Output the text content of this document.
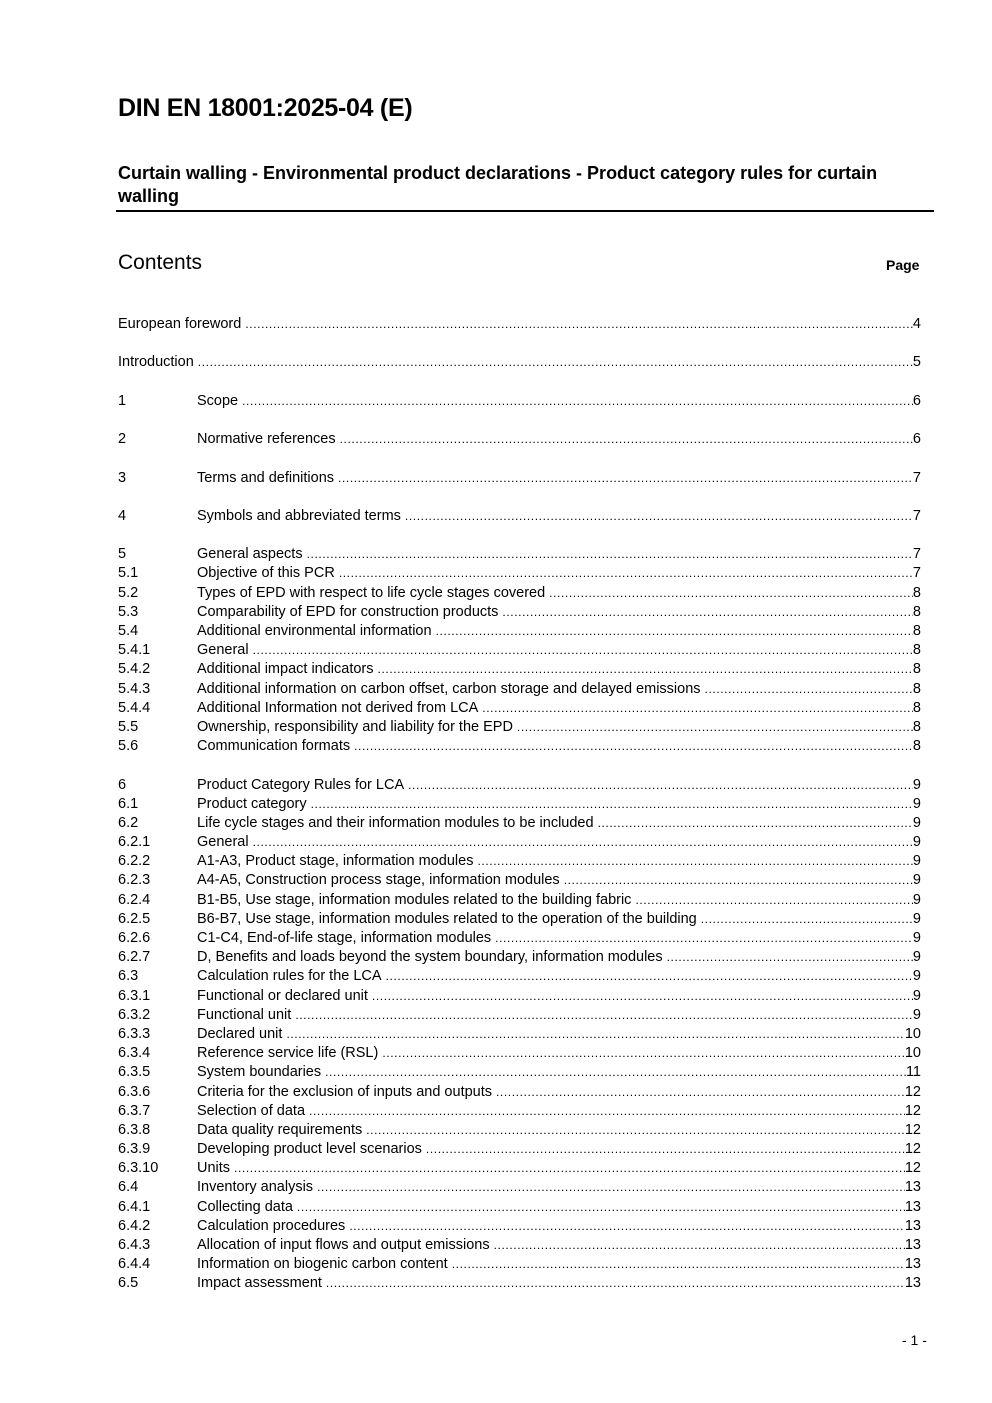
DIN EN 18001:2025-04 (E)
Curtain walling - Environmental product declarations - Product category rules for curtain walling
Contents	Page
European foreword .....	4
Introduction .....	5
1	Scope .....	6
2	Normative references .....	6
3	Terms and definitions .....	7
4	Symbols and abbreviated terms .....	7
5	General aspects .....	7
5.1	Objective of this PCR .....	7
5.2	Types of EPD with respect to life cycle stages covered .....	8
5.3	Comparability of EPD for construction products .....	8
5.4	Additional environmental information .....	8
5.4.1	General .....	8
5.4.2	Additional impact indicators .....	8
5.4.3	Additional information on carbon offset, carbon storage and delayed emissions .....	8
5.4.4	Additional Information not derived from LCA .....	8
5.5	Ownership, responsibility and liability for the EPD .....	8
5.6	Communication formats .....	8
6	Product Category Rules for LCA .....	9
6.1	Product category .....	9
6.2	Life cycle stages and their information modules to be included .....	9
6.2.1	General .....	9
6.2.2	A1-A3, Product stage, information modules .....	9
6.2.3	A4-A5, Construction process stage, information modules .....	9
6.2.4	B1-B5, Use stage, information modules related to the building fabric .....	9
6.2.5	B6-B7, Use stage, information modules related to the operation of the building .....	9
6.2.6	C1-C4, End-of-life stage, information modules .....	9
6.2.7	D, Benefits and loads beyond the system boundary, information modules .....	9
6.3	Calculation rules for the LCA .....	9
6.3.1	Functional or declared unit .....	9
6.3.2	Functional unit .....	9
6.3.3	Declared unit .....	10
6.3.4	Reference service life (RSL) .....	10
6.3.5	System boundaries .....	11
6.3.6	Criteria for the exclusion of inputs and outputs .....	12
6.3.7	Selection of data .....	12
6.3.8	Data quality requirements .....	12
6.3.9	Developing product level scenarios .....	12
6.3.10	Units .....	12
6.4	Inventory analysis .....	13
6.4.1	Collecting data .....	13
6.4.2	Calculation procedures .....	13
6.4.3	Allocation of input flows and output emissions .....	13
6.4.4	Information on biogenic carbon content .....	13
6.5	Impact assessment .....	13
- 1 -
